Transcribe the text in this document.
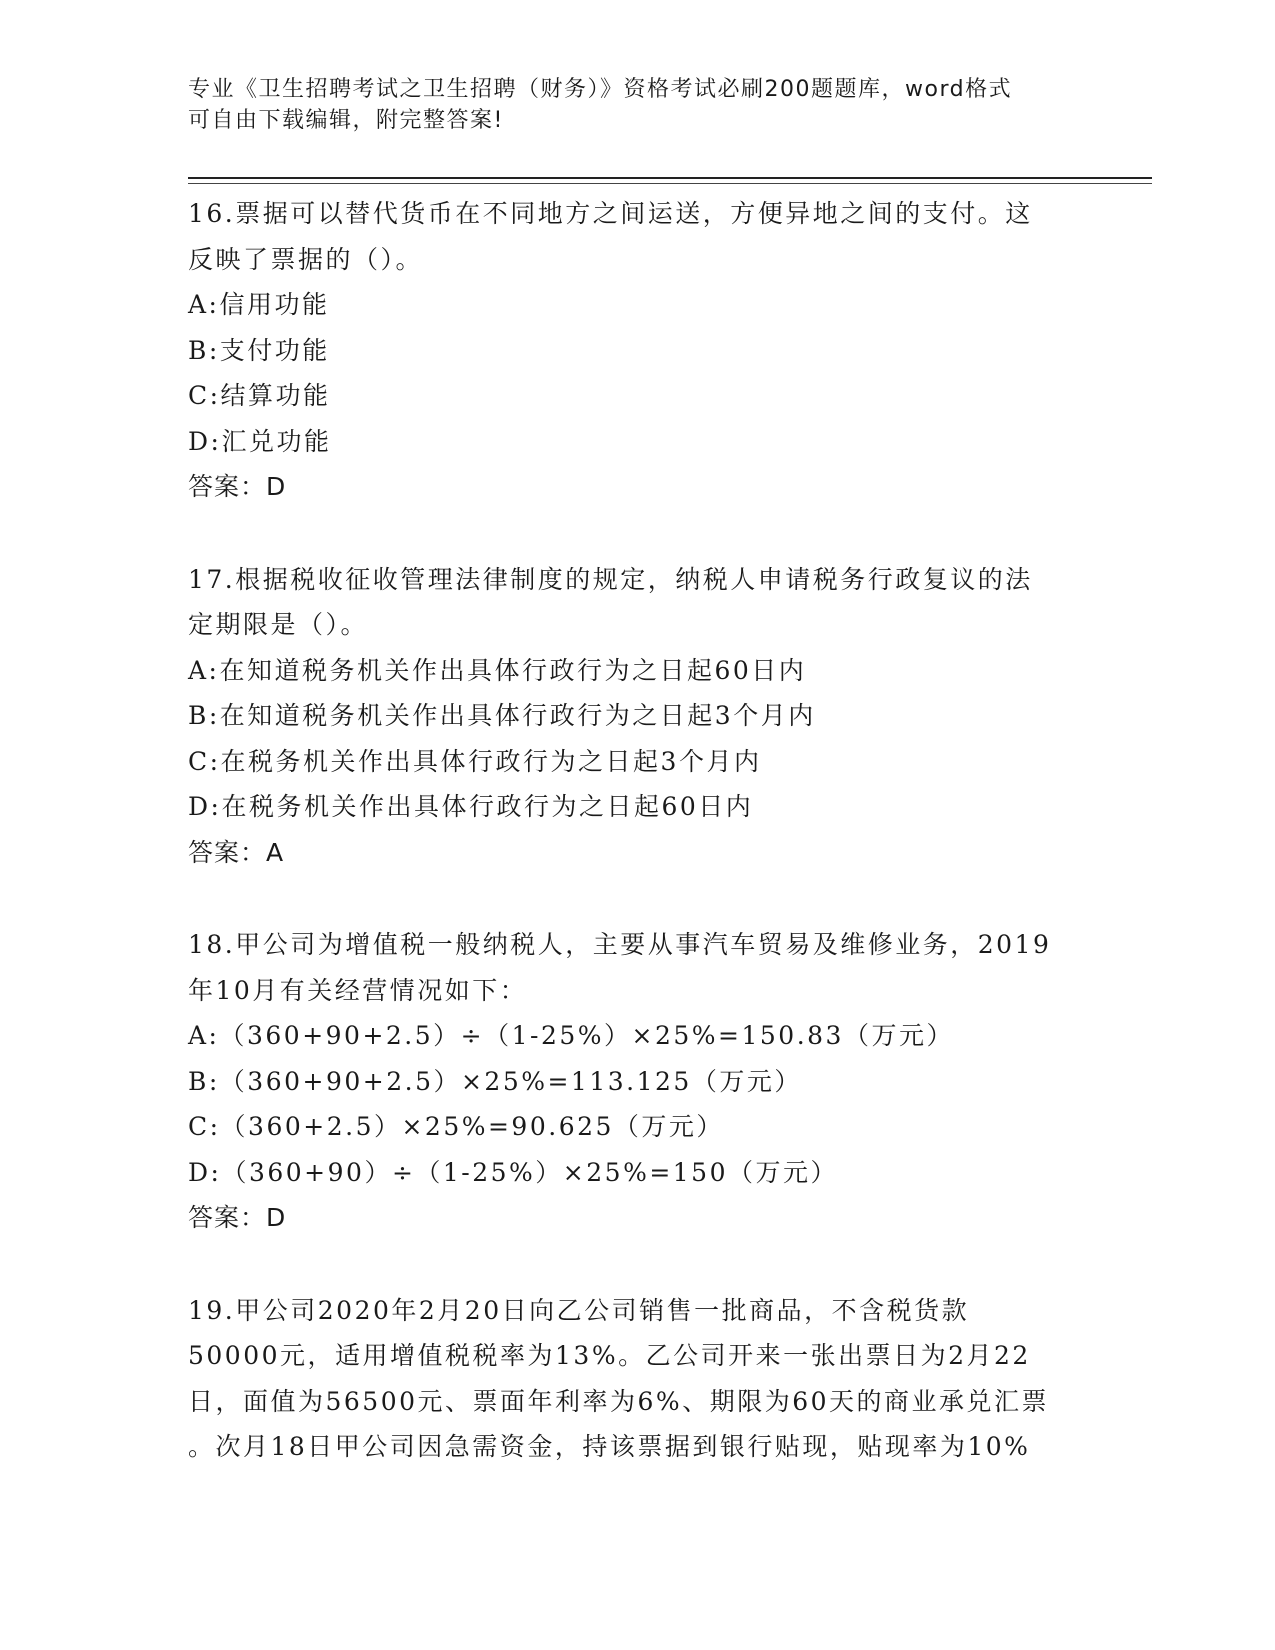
专业《卫生招聘考试之卫生招聘（财务）》资格考试必刷200题题库，word格式
可自由下载编辑，附完整答案!
16.票据可以替代货币在不同地方之间运送，方便异地之间的支付。这
反映了票据的（）。
A:信用功能
B:支付功能
C:结算功能
D:汇兑功能
答案：D
17.根据税收征收管理法律制度的规定，纳税人申请税务行政复议的法
定期限是（）。
A:在知道税务机关作出具体行政行为之日起60日内
B:在知道税务机关作出具体行政行为之日起3个月内
C:在税务机关作出具体行政行为之日起3个月内
D:在税务机关作出具体行政行为之日起60日内
答案：A
18.甲公司为增值税一般纳税人，主要从事汽车贸易及维修业务，2019
年10月有关经营情况如下：
A:（360+90+2.5）÷（1-25%）×25%=150.83（万元）
B:（360+90+2.5）×25%=113.125（万元）
C:（360+2.5）×25%=90.625（万元）
D:（360+90）÷（1-25%）×25%=150（万元）
答案：D
19.甲公司2020年2月20日向乙公司销售一批商品，不含税货款
50000元，适用增值税税率为13%。乙公司开来一张出票日为2月22
日，面值为56500元、票面年利率为6%、期限为60天的商业承兑汇票
。次月18日甲公司因急需资金，持该票据到银行贴现，贴现率为10%
